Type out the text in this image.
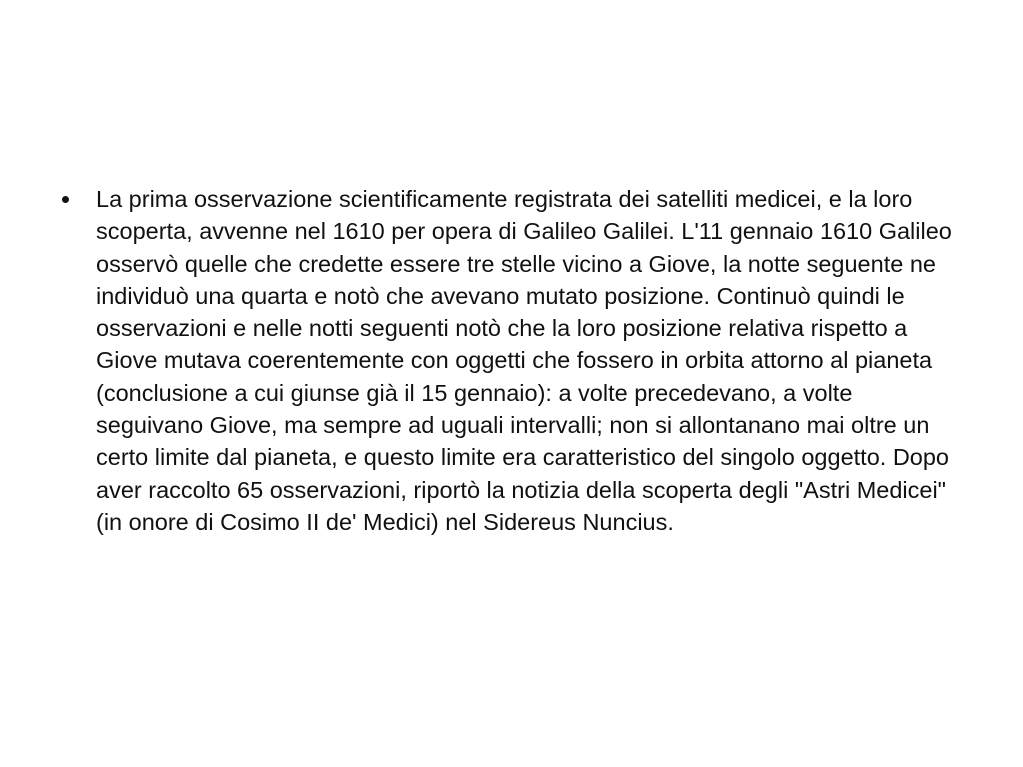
La prima osservazione scientificamente registrata dei satelliti medicei, e la loro scoperta, avvenne nel 1610 per opera di Galileo Galilei. L'11 gennaio 1610 Galileo osservò quelle che credette essere tre stelle vicino a Giove, la notte seguente ne individuò una quarta e notò che avevano mutato posizione. Continuò quindi le osservazioni e nelle notti seguenti notò che la loro posizione relativa rispetto a Giove mutava coerentemente con oggetti che fossero in orbita attorno al pianeta (conclusione a cui giunse già il 15 gennaio): a volte precedevano, a volte seguivano Giove, ma sempre ad uguali intervalli; non si allontanano mai oltre un certo limite dal pianeta, e questo limite era caratteristico del singolo oggetto. Dopo aver raccolto 65 osservazioni, riportò la notizia della scoperta degli "Astri Medicei" (in onore di Cosimo II de' Medici) nel Sidereus Nuncius.
